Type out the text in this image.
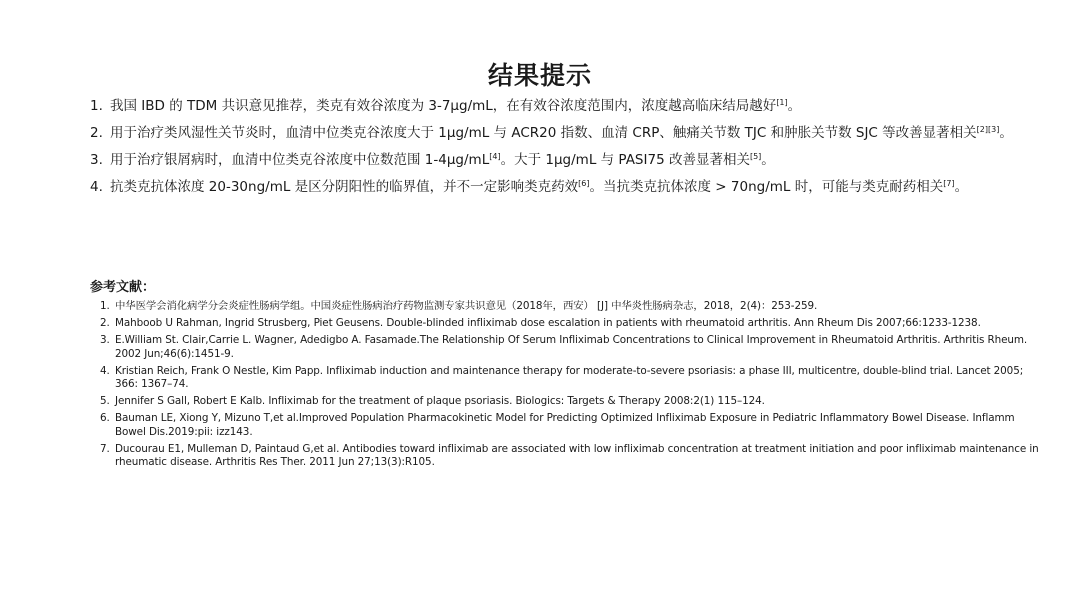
结果提示
1. 我国 IBD 的 TDM 共识意见推荐，类克有效谷浓度为 3-7μg/mL，在有效谷浓度范围内，浓度越高临床结局越好[1]。
2. 用于治疗类风湿性关节炎时，血清中位类克谷浓度大于 1μg/mL 与 ACR20 指数、血清 CRP、触痛关节数 TJC 和肿胀关节数 SJC 等改善显著相关[2][3]。
3. 用于治疗银屑病时，血清中位类克谷浓度中位数范围 1-4μg/mL[4]。大于 1μg/mL 与 PASI75 改善显著相关[5]。
4. 抗类克抗体浓度 20-30ng/mL 是区分阴阳性的临界值，并不一定影响类克药效[6]。当抗类克抗体浓度 > 70ng/mL 时，可能与类克耐药相关[7]。
参考文献：
1. 中华医学会消化病学分会炎症性肠病学组。中国炎症性肠病治疗药物监测专家共识意见（2018年，西安） [J] 中华炎性肠病杂志，2018，2(4)：253-259.
2. Mahboob U Rahman, Ingrid Strusberg, Piet Geusens. Double-blinded infliximab dose escalation in patients with rheumatoid arthritis. Ann Rheum Dis 2007;66:1233-1238.
3. E.William St. Clair,Carrie L. Wagner, Adedigbo A. Fasamade.The Relationship Of Serum Infliximab Concentrations to Clinical Improvement in Rheumatoid Arthritis. Arthritis Rheum. 2002 Jun;46(6):1451-9.
4. Kristian Reich, Frank O Nestle, Kim Papp. Infliximab induction and maintenance therapy for moderate-to-severe psoriasis: a phase III, multicentre, double-blind trial. Lancet 2005; 366: 1367–74.
5. Jennifer S Gall, Robert E Kalb. Infliximab for the treatment of plaque psoriasis. Biologics: Targets & Therapy 2008:2(1) 115–124.
6. Bauman LE, Xiong Y, Mizuno T,et al.Improved Population Pharmacokinetic Model for Predicting Optimized Infliximab Exposure in Pediatric Inflammatory Bowel Disease. Inflamm Bowel Dis.2019:pii: izz143.
7. Ducourau E1, Mulleman D, Paintaud G,et al. Antibodies toward infliximab are associated with low infliximab concentration at treatment initiation and poor infliximab maintenance in rheumatic disease. Arthritis Res Ther. 2011 Jun 27;13(3):R105.
